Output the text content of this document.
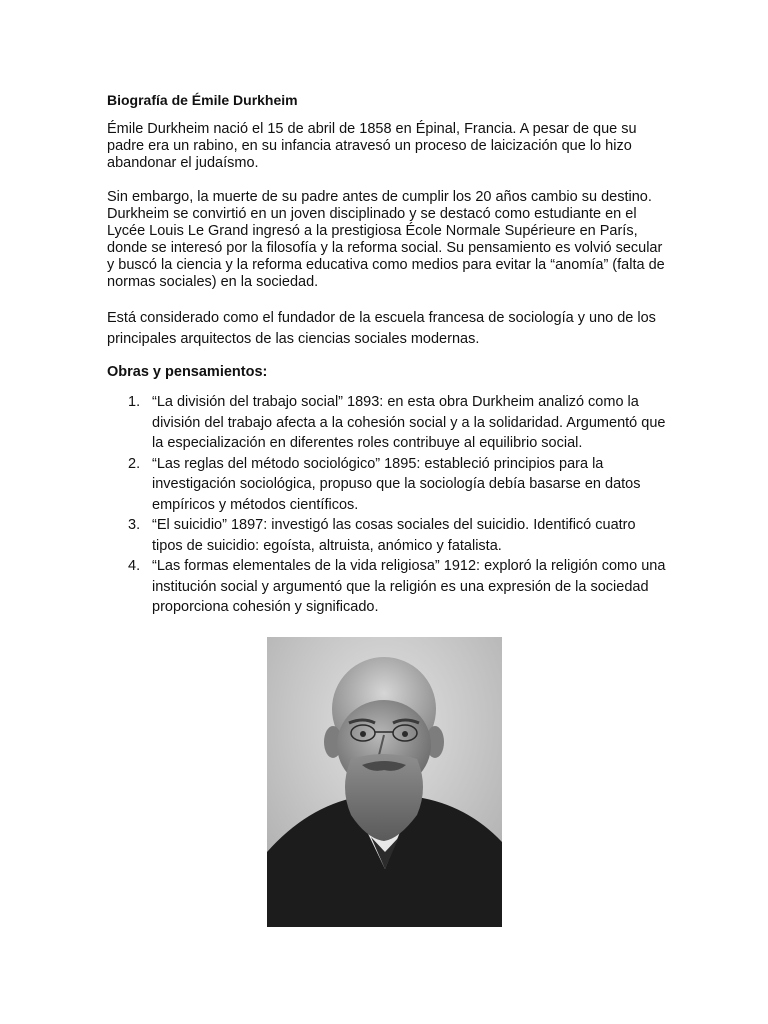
Biografía de Émile Durkheim

Émile Durkheim nació el 15 de abril de 1858 en Épinal, Francia. A pesar de que su padre era un rabino, en su infancia atravesó un proceso de laicización que lo hizo abandonar el judaísmo.

Sin embargo, la muerte de su padre antes de cumplir los 20 años cambio su destino. Durkheim se convirtió en un joven disciplinado y se destacó como estudiante en el Lycée Louis Le Grand ingresó a la prestigiosa École Normale Supérieure en París, donde se interesó por la filosofía y la reforma social. Su pensamiento es volvió secular y buscó la ciencia y la reforma educativa como medios para evitar la “anomía” (falta de normas sociales) en la sociedad.

Está considerado como el fundador de la escuela francesa de sociología y uno de los principales arquitectos de las ciencias sociales modernas.

Obras y pensamientos:

1. “La división del trabajo social” 1893: en esta obra Durkheim analizó como la división del trabajo afecta a la cohesión social y a la solidaridad. Argumentó que la especialización en diferentes roles contribuye al equilibrio social.
2. “Las reglas del método sociológico” 1895: estableció principios para la investigación sociológica, propuso que la sociología debía basarse en datos empíricos y métodos científicos.
3. “El suicidio” 1897: investigó las cosas sociales del suicidio. Identificó cuatro tipos de suicidio: egoísta, altruista, anómico y fatalista.
4. “Las formas elementales de la vida religiosa” 1912: exploró la religión como una institución social y argumentó que la religión es una expresión de la sociedad proporciona cohesión y significado.
